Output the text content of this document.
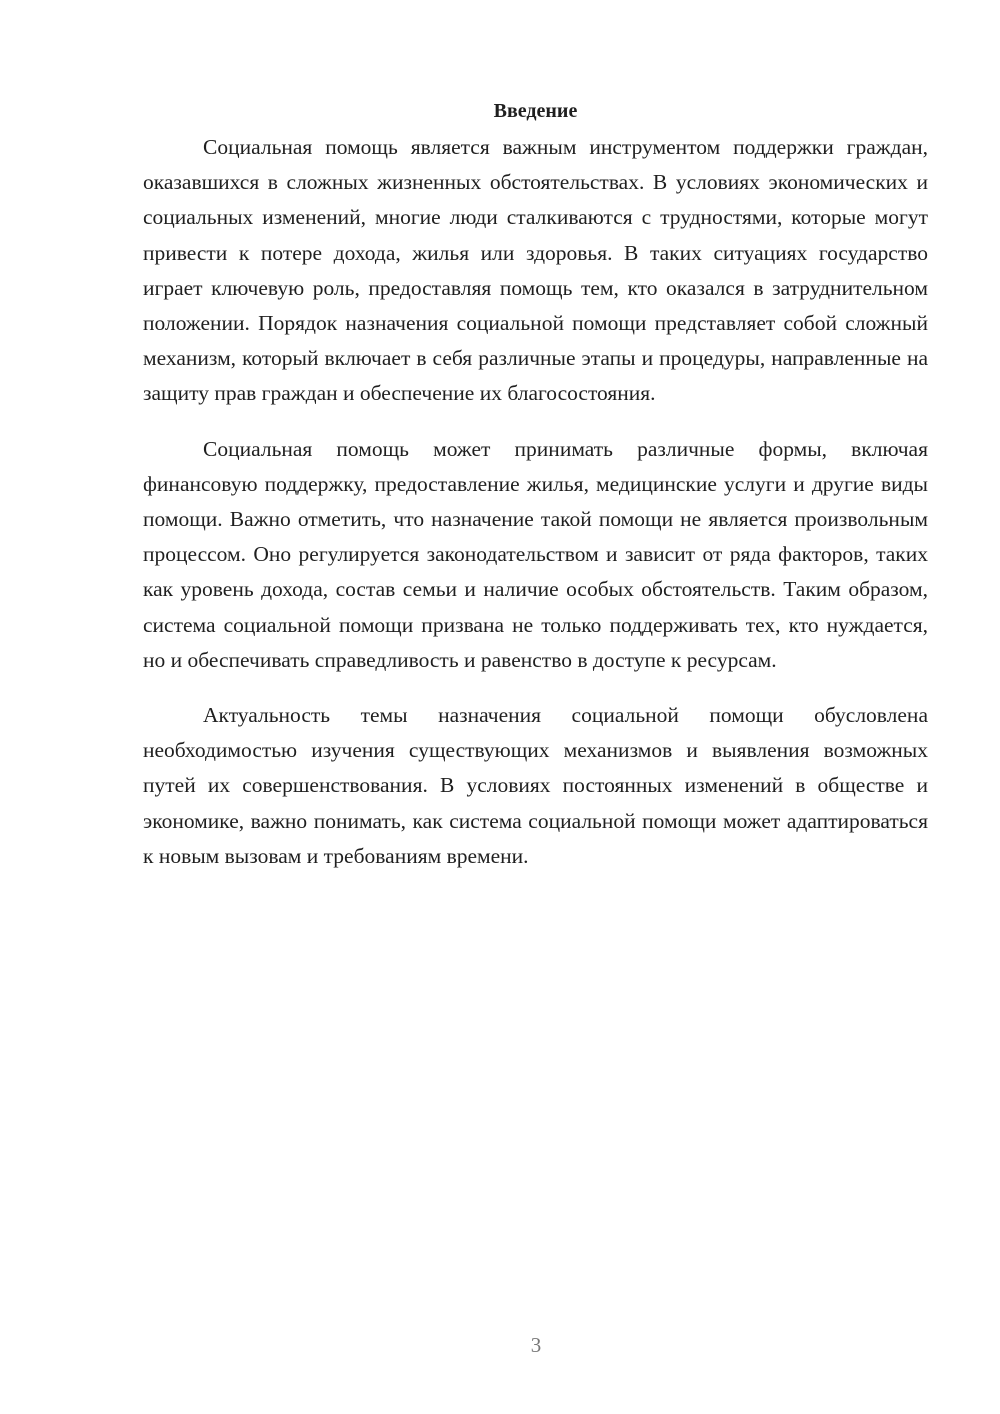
Введение

Социальная помощь является важным инструментом поддержки граждан, оказавшихся в сложных жизненных обстоятельствах. В условиях экономических и социальных изменений, многие люди сталкиваются с трудностями, которые могут привести к потере дохода, жилья или здоровья. В таких ситуациях государство играет ключевую роль, предоставляя помощь тем, кто оказался в затруднительном положении. Порядок назначения социальной помощи представляет собой сложный механизм, который включает в себя различные этапы и процедуры, направленные на защиту прав граждан и обеспечение их благосостояния.

Социальная помощь может принимать различные формы, включая финансовую поддержку, предоставление жилья, медицинские услуги и другие виды помощи. Важно отметить, что назначение такой помощи не является произвольным процессом. Оно регулируется законодательством и зависит от ряда факторов, таких как уровень дохода, состав семьи и наличие особых обстоятельств. Таким образом, система социальной помощи призвана не только поддерживать тех, кто нуждается, но и обеспечивать справедливость и равенство в доступе к ресурсам.

Актуальность темы назначения социальной помощи обусловлена необходимостью изучения существующих механизмов и выявления возможных путей их совершенствования. В условиях постоянных изменений в обществе и экономике, важно понимать, как система социальной помощи может адаптироваться к новым вызовам и требованиям времени.

3
